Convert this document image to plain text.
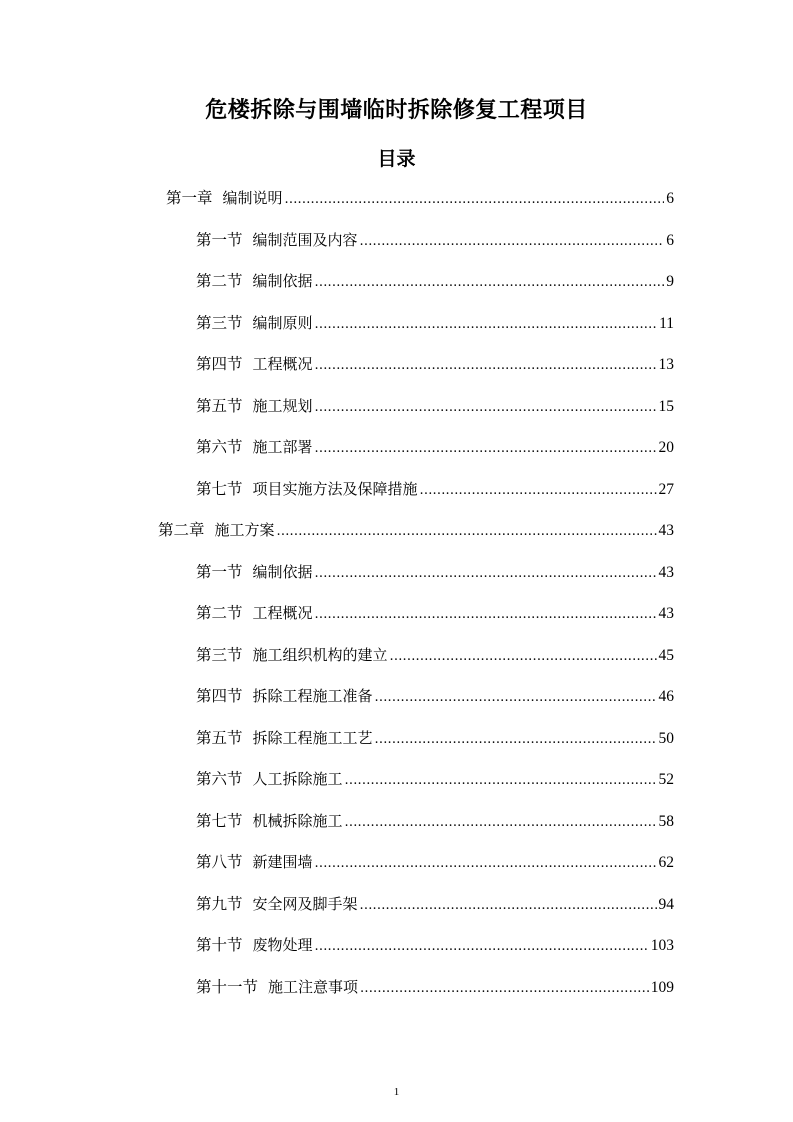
危楼拆除与围墙临时拆除修复工程项目
目录
第一章 编制说明 .....	6
第一节 编制范围及内容 .....	6
第二节 编制依据 .....	9
第三节 编制原则 .....	11
第四节 工程概况 .....	13
第五节 施工规划 .....	15
第六节 施工部署 .....	20
第七节 项目实施方法及保障措施 .....	27
第二章 施工方案 .....	43
第一节 编制依据 .....	43
第二节 工程概况 .....	43
第三节 施工组织机构的建立 .....	45
第四节 拆除工程施工准备 .....	46
第五节 拆除工程施工工艺 .....	50
第六节 人工拆除施工 .....	52
第七节 机械拆除施工 .....	58
第八节 新建围墙 .....	62
第九节 安全网及脚手架 .....	94
第十节 废物处理 .....	103
第十一节 施工注意事项 .....	109
1
